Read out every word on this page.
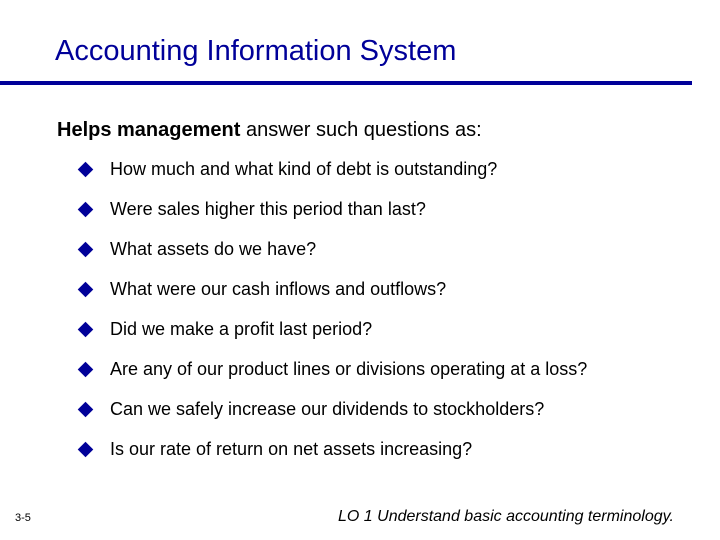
Accounting Information System
Helps management answer such questions as:
How much and what kind of debt is outstanding?
Were sales higher this period than last?
What assets do we have?
What were our cash inflows and outflows?
Did we make a profit last period?
Are any of our product lines or divisions operating at a loss?
Can we safely increase our dividends to stockholders?
Is our rate of return on net assets increasing?
3-5	LO 1 Understand basic accounting terminology.
